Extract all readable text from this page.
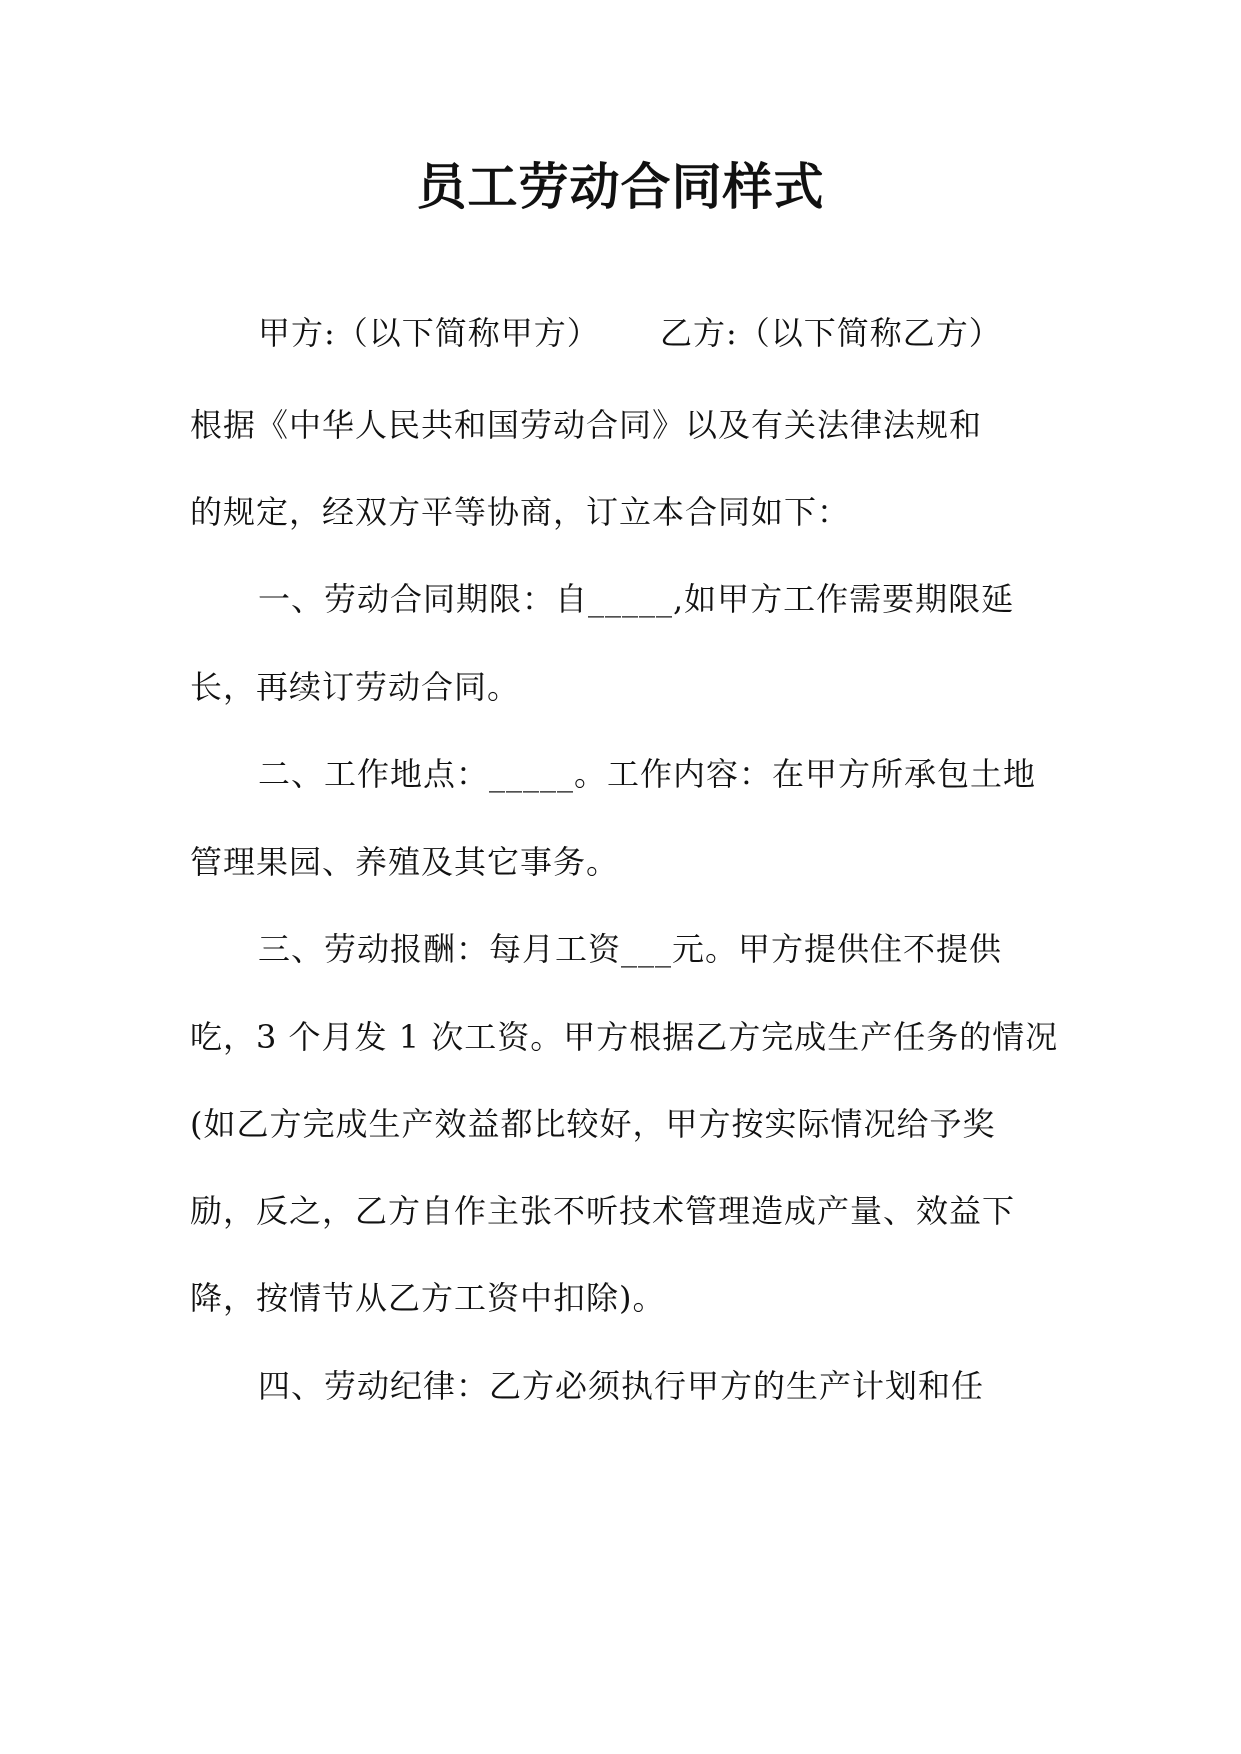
员工劳动合同样式
甲方:（以下简称甲方） 乙方:（以下简称乙方）
根据《中华人民共和国劳动合同》以及有关法律法规和
的规定，经双方平等协商，订立本合同如下：
一、劳动合同期限：自_____,如甲方工作需要期限延
长，再续订劳动合同。
二、工作地点：_____。工作内容：在甲方所承包土地
管理果园、养殖及其它事务。
三、劳动报酬：每月工资___元。甲方提供住不提供
吃，3 个月发 1 次工资。甲方根据乙方完成生产任务的情况
(如乙方完成生产效益都比较好，甲方按实际情况给予奖
励，反之，乙方自作主张不听技术管理造成产量、效益下
降，按情节从乙方工资中扣除)。
四、劳动纪律：乙方必须执行甲方的生产计划和任
